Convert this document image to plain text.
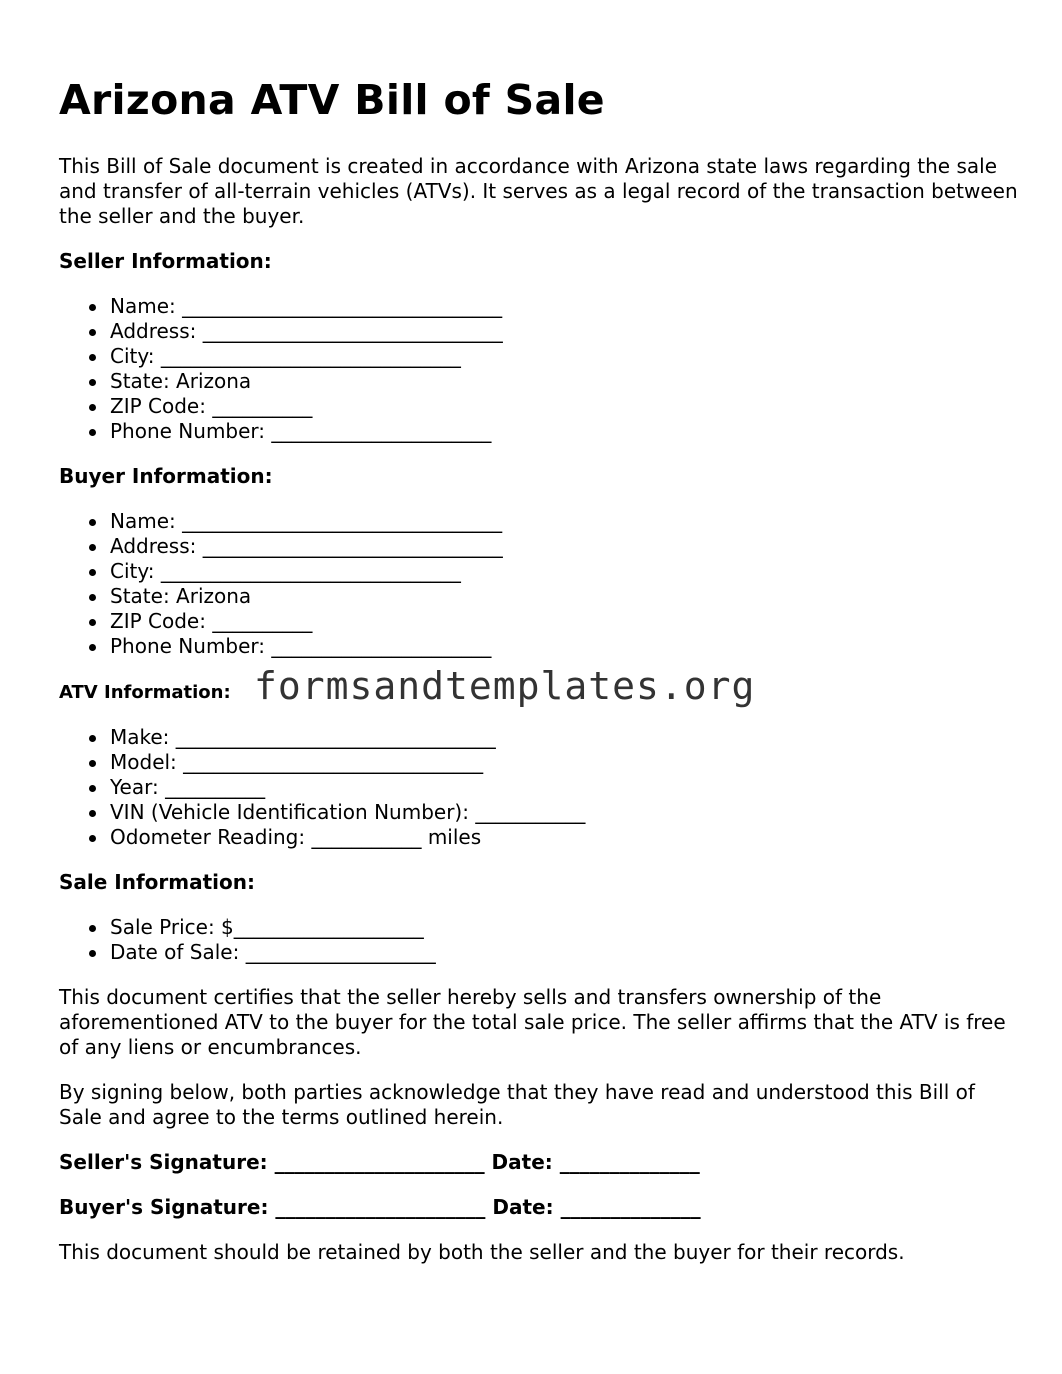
Arizona ATV Bill of Sale

This Bill of Sale document is created in accordance with Arizona state laws regarding the sale and transfer of all-terrain vehicles (ATVs). It serves as a legal record of the transaction between the seller and the buyer.

Seller Information:
Name: ________________________________
Address: ______________________________
City: ______________________________
State: Arizona
ZIP Code: __________
Phone Number: ______________________
Buyer Information:
Name: ________________________________
Address: ______________________________
City: ______________________________
State: Arizona
ZIP Code: __________
Phone Number: ______________________
ATV Information: formsandtemplates.org
Make: ________________________________
Model: ______________________________
Year: __________
VIN (Vehicle Identification Number): ___________
Odometer Reading: ___________ miles
Sale Information:
Sale Price: $___________________
Date of Sale: ___________________

This document certifies that the seller hereby sells and transfers ownership of the aforementioned ATV to the buyer for the total sale price. The seller affirms that the ATV is free of any liens or encumbrances.

By signing below, both parties acknowledge that they have read and understood this Bill of Sale and agree to the terms outlined herein.

Seller's Signature: _____________________ Date: ______________
Buyer's Signature: _____________________ Date: ______________

This document should be retained by both the seller and the buyer for their records.
